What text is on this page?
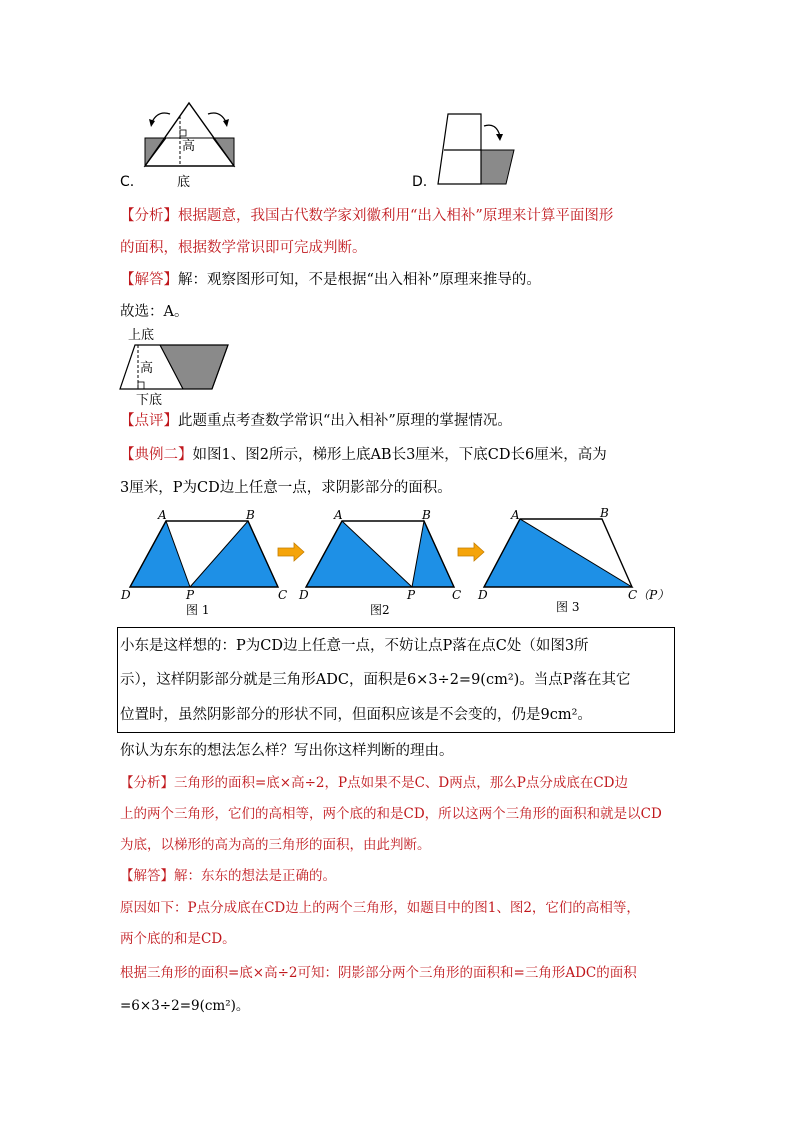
高
底
C.	D.
【分析】根据题意，我国古代数学家刘徽利用“出入相补”原理来计算平面图形
的面积，根据数学常识即可完成判断。
【解答】解：观察图形可知，不是根据“出入相补”原理来推导的。
故选：A。
上底
高
下底
【点评】此题重点考查数学常识“出入相补”原理的掌握情况。
【典例二】如图1、图2所示，梯形上底AB长3厘米，下底CD长6厘米，高为
3厘米，P为CD边上任意一点，求阴影部分的面积。
A	B
D	P	C
图 1
A	B
D	P	C
图2
A	B
D	C（P）
图 3
小东是这样想的：P为CD边上任意一点，不妨让点P落在点C处（如图3所
示），这样阴影部分就是三角形ADC，面积是6×3÷2=9(cm²)。当点P落在其它
位置时，虽然阴影部分的形状不同，但面积应该是不会变的，仍是9cm²。
你认为东东的想法怎么样？写出你这样判断的理由。
【分析】三角形的面积=底×高÷2，P点如果不是C、D两点，那么P点分成底在CD边
上的两个三角形，它们的高相等，两个底的和是CD，所以这两个三角形的面积和就是以CD
为底，以梯形的高为高的三角形的面积，由此判断。
【解答】解：东东的想法是正确的。
原因如下：P点分成底在CD边上的两个三角形，如题目中的图1、图2，它们的高相等，
两个底的和是CD。
根据三角形的面积=底×高÷2可知：阴影部分两个三角形的面积和=三角形ADC的面积
=6×3÷2=9(cm²)。
